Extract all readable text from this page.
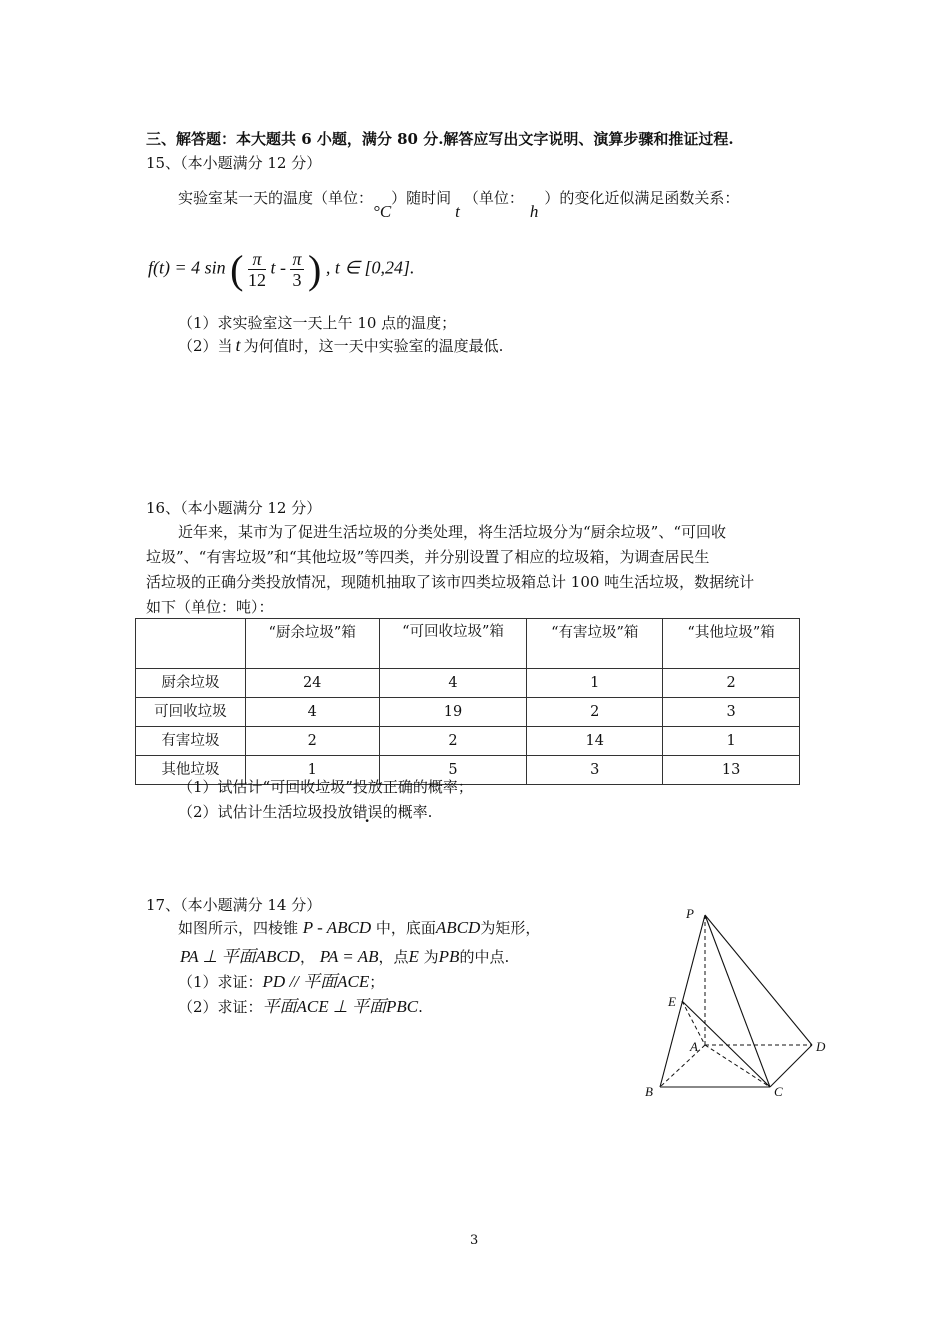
三、解答题：本大题共 6 小题，满分 80 分.解答应写出文字说明、演算步骤和推证过程.
15、（本小题满分 12 分）
实验室某一天的温度（单位：°C）随时间t（单位：h）的变化近似满足函数关系：
f(t) = 4 sin ( $\frac{\pi}{12}$ t - $\frac{\pi}{3}$ ) , t ∈ [0,24].
（1）求实验室这一天上午 10 点的温度；
（2）当 t 为何值时，这一天中实验室的温度最低.
16、（本小题满分 12 分）
近年来，某市为了促进生活垃圾的分类处理，将生活垃圾分为“厨余垃圾”、“可回收
垃圾”、“有害垃圾”和“其他垃圾”等四类，并分别设置了相应的垃圾箱，为调查居民生
活垃圾的正确分类投放情况，现随机抽取了该市四类垃圾箱总计 100 吨生活垃圾，数据统计
如下（单位：吨）：
	“厨余垃圾”箱	“可回收垃圾”箱	“有害垃圾”箱	“其他垃圾”箱
厨余垃圾	24	4	1	2
可回收垃圾	4	19	2	3
有害垃圾	2	2	14	1
其他垃圾	1	5	3	13
（1）试估计“可回收垃圾”投放正确的概率；
（2）试估计生活垃圾投放错误的概率.
17、（本小题满分 14 分）
如图所示，四棱锥 P - ABCD 中，底面ABCD为矩形，
PA ⊥ 平面ABCD， PA = AB，点E 为PB的中点.
（1）求证：PD // 平面ACE；
（2）求证：平面ACE ⊥ 平面PBC.
P
E
A	D
B	C
3
